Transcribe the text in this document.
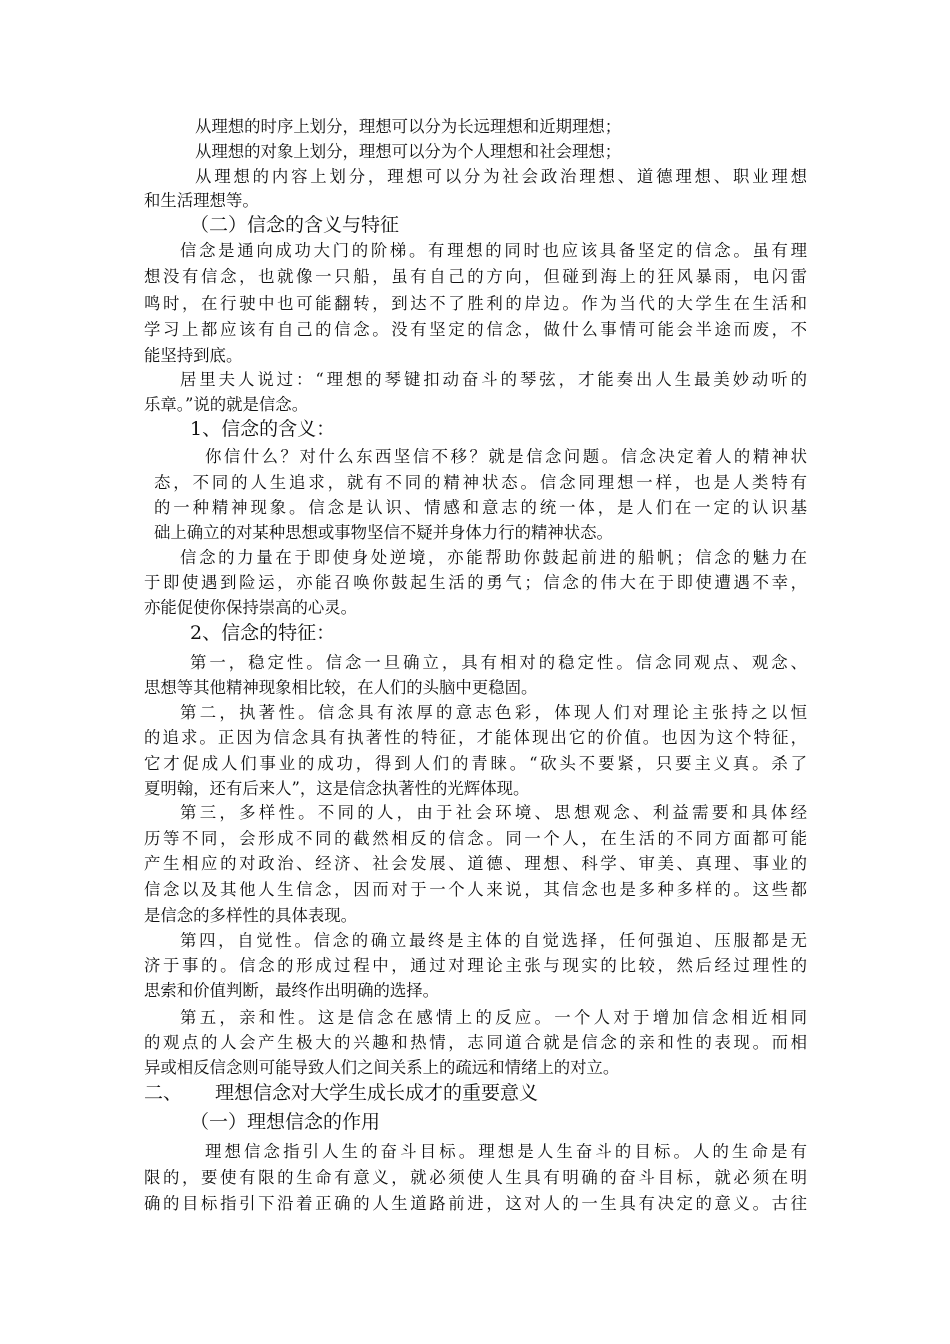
从理想的时序上划分，理想可以分为长远理想和近期理想；
从理想的对象上划分，理想可以分为个人理想和社会理想；
从理想的内容上划分，理想可以分为社会政治理想、道德理想、职业理想
和生活理想等。
（二）信念的含义与特征
信念是通向成功大门的阶梯。有理想的同时也应该具备坚定的信念。虽有理
想没有信念，也就像一只船，虽有自己的方向，但碰到海上的狂风暴雨，电闪雷
鸣时，在行驶中也可能翻转，到达不了胜利的岸边。作为当代的大学生在生活和
学习上都应该有自己的信念。没有坚定的信念，做什么事情可能会半途而废，不
能坚持到底。
居里夫人说过：“理想的琴键扣动奋斗的琴弦，才能奏出人生最美妙动听的
乐章。”说的就是信念。
1、信念的含义：
你信什么？对什么东西坚信不移？就是信念问题。信念决定着人的精神状
态，不同的人生追求，就有不同的精神状态。信念同理想一样，也是人类特有
的一种精神现象。信念是认识、情感和意志的统一体，是人们在一定的认识基
础上确立的对某种思想或事物坚信不疑并身体力行的精神状态。
信念的力量在于即使身处逆境，亦能帮助你鼓起前进的船帆；信念的魅力在
于即使遇到险运，亦能召唤你鼓起生活的勇气；信念的伟大在于即使遭遇不幸，
亦能促使你保持崇高的心灵。
2、信念的特征：
第一，稳定性。信念一旦确立，具有相对的稳定性。信念同观点、观念、
思想等其他精神现象相比较，在人们的头脑中更稳固。
第二，执著性。信念具有浓厚的意志色彩，体现人们对理论主张持之以恒
的追求。正因为信念具有执著性的特征，才能体现出它的价值。也因为这个特征，
它才促成人们事业的成功，得到人们的青睐。“砍头不要紧，只要主义真。杀了
夏明翰，还有后来人”，这是信念执著性的光辉体现。
第三，多样性。不同的人，由于社会环境、思想观念、利益需要和具体经
历等不同，会形成不同的截然相反的信念。同一个人，在生活的不同方面都可能
产生相应的对政治、经济、社会发展、道德、理想、科学、审美、真理、事业的
信念以及其他人生信念，因而对于一个人来说，其信念也是多种多样的。这些都
是信念的多样性的具体表现。
第四，自觉性。信念的确立最终是主体的自觉选择，任何强迫、压服都是无
济于事的。信念的形成过程中，通过对理论主张与现实的比较，然后经过理性的
思索和价值判断，最终作出明确的选择。
第五，亲和性。这是信念在感情上的反应。一个人对于增加信念相近相同
的观点的人会产生极大的兴趣和热情，志同道合就是信念的亲和性的表现。而相
异或相反信念则可能导致人们之间关系上的疏远和情绪上的对立。
二、 理想信念对大学生成长成才的重要意义
（一）理想信念的作用
理想信念指引人生的奋斗目标。理想是人生奋斗的目标。人的生命是有
限的，要使有限的生命有意义，就必须使人生具有明确的奋斗目标，就必须在明
确的目标指引下沿着正确的人生道路前进，这对人的一生具有决定的意义。古往
